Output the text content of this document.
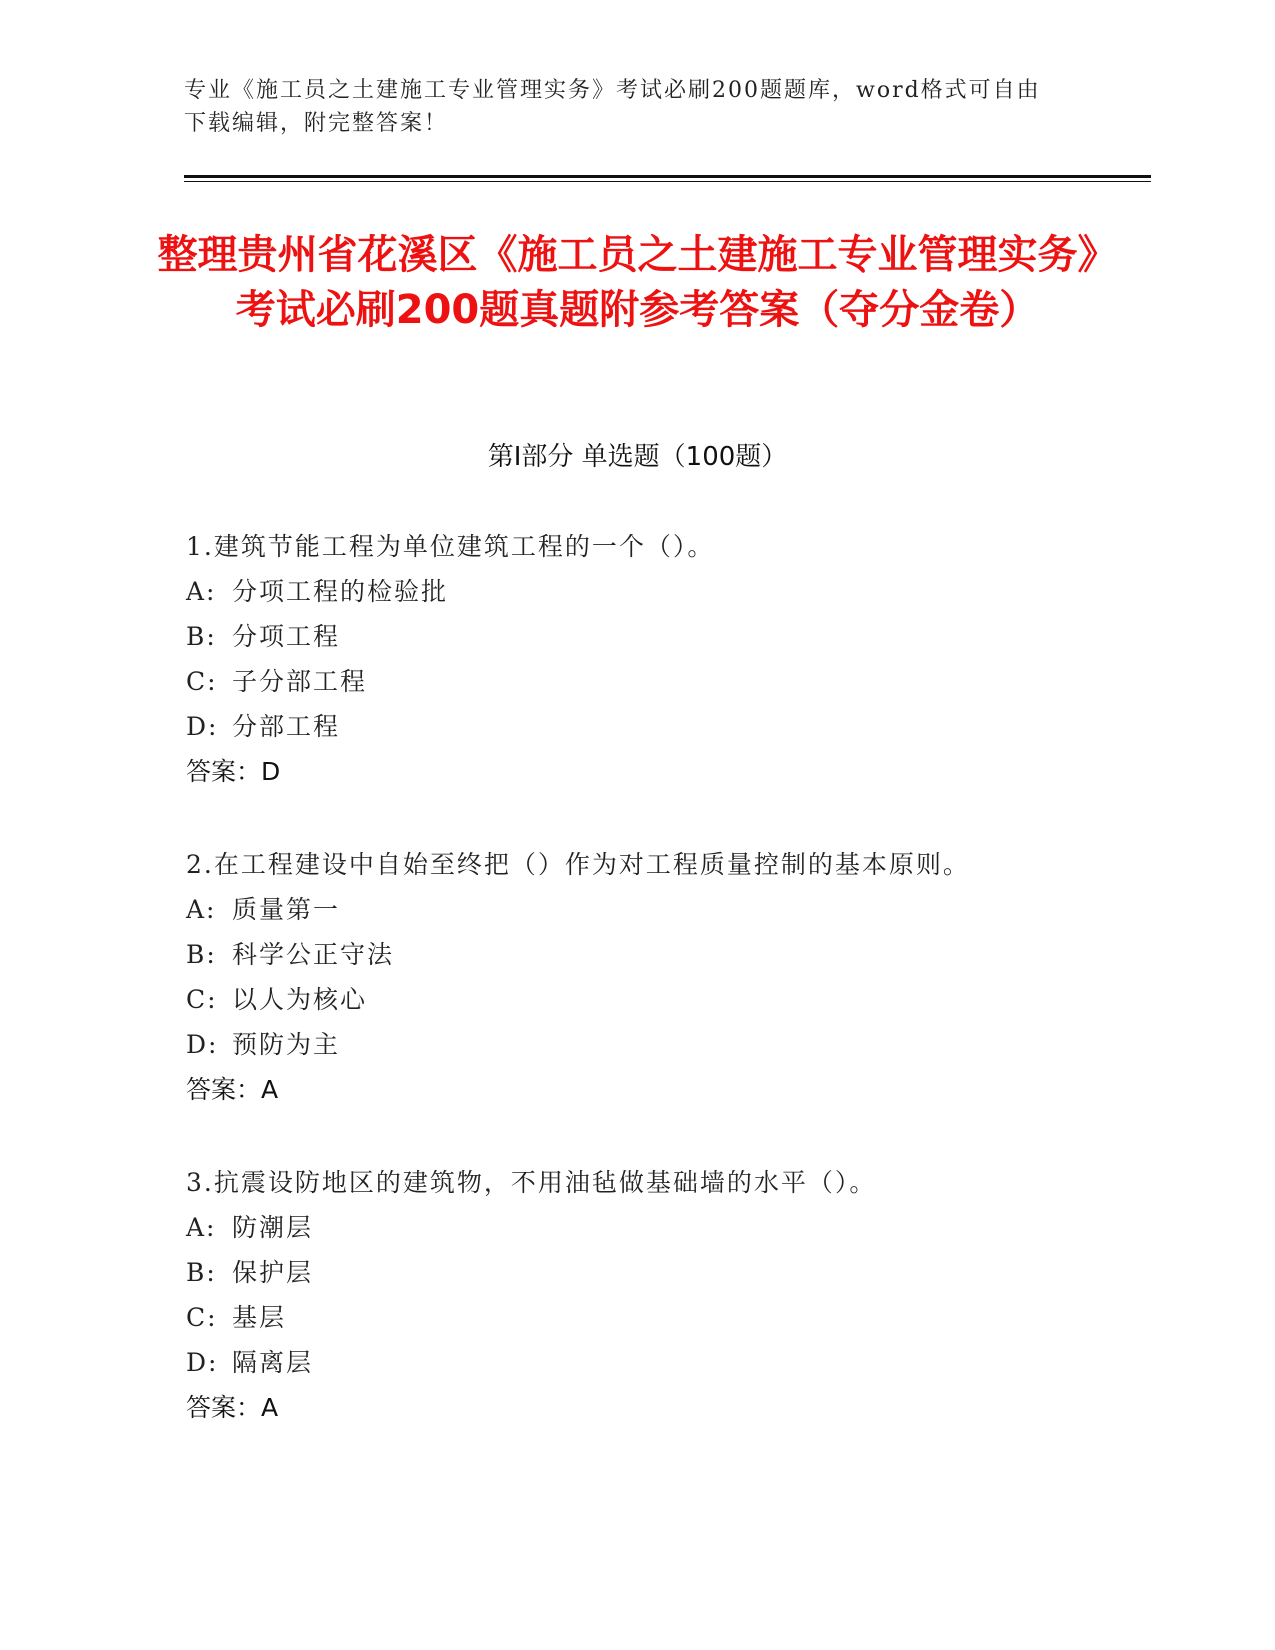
专业《施工员之土建施工专业管理实务》考试必刷200题题库，word格式可自由下载编辑，附完整答案！
整理贵州省花溪区《施工员之土建施工专业管理实务》考试必刷200题真题附参考答案（夺分金卷）
第I部分 单选题（100题）
1.建筑节能工程为单位建筑工程的一个（）。
A: 分项工程的检验批
B: 分项工程
C: 子分部工程
D: 分部工程
答案：D
2.在工程建设中自始至终把（）作为对工程质量控制的基本原则。
A: 质量第一
B: 科学公正守法
C: 以人为核心
D: 预防为主
答案：A
3.抗震设防地区的建筑物，不用油毡做基础墙的水平（）。
A: 防潮层
B: 保护层
C: 基层
D: 隔离层
答案：A
